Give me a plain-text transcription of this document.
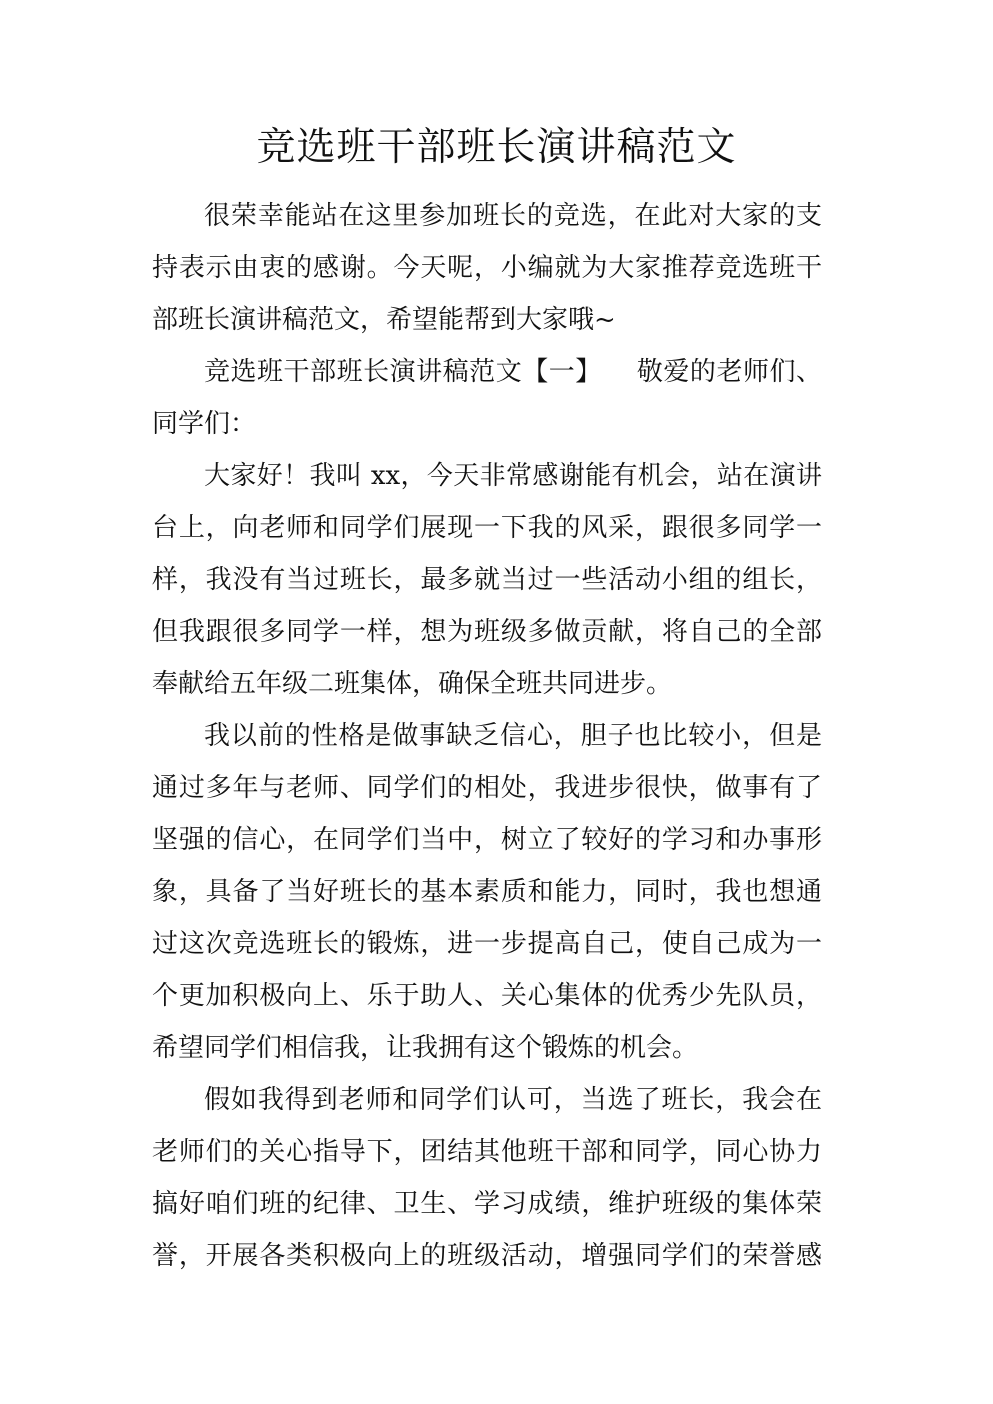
竞选班干部班长演讲稿范文
很荣幸能站在这里参加班长的竞选，在此对大家的支
持表示由衷的感谢。今天呢，小编就为大家推荐竞选班干
部班长演讲稿范文，希望能帮到大家哦~
竞选班干部班长演讲稿范文【一】    敬爱的老师们、
同学们：
大家好！我叫 xx，今天非常感谢能有机会，站在演讲
台上，向老师和同学们展现一下我的风采，跟很多同学一
样，我没有当过班长，最多就当过一些活动小组的组长，
但我跟很多同学一样，想为班级多做贡献，将自己的全部
奉献给五年级二班集体，确保全班共同进步。
我以前的性格是做事缺乏信心，胆子也比较小，但是
通过多年与老师、同学们的相处，我进步很快，做事有了
坚强的信心，在同学们当中，树立了较好的学习和办事形
象，具备了当好班长的基本素质和能力，同时，我也想通
过这次竞选班长的锻炼，进一步提高自己，使自己成为一
个更加积极向上、乐于助人、关心集体的优秀少先队员，
希望同学们相信我，让我拥有这个锻炼的机会。
假如我得到老师和同学们认可，当选了班长，我会在
老师们的关心指导下，团结其他班干部和同学，同心协力
搞好咱们班的纪律、卫生、学习成绩，维护班级的集体荣
誉，开展各类积极向上的班级活动，增强同学们的荣誉感
